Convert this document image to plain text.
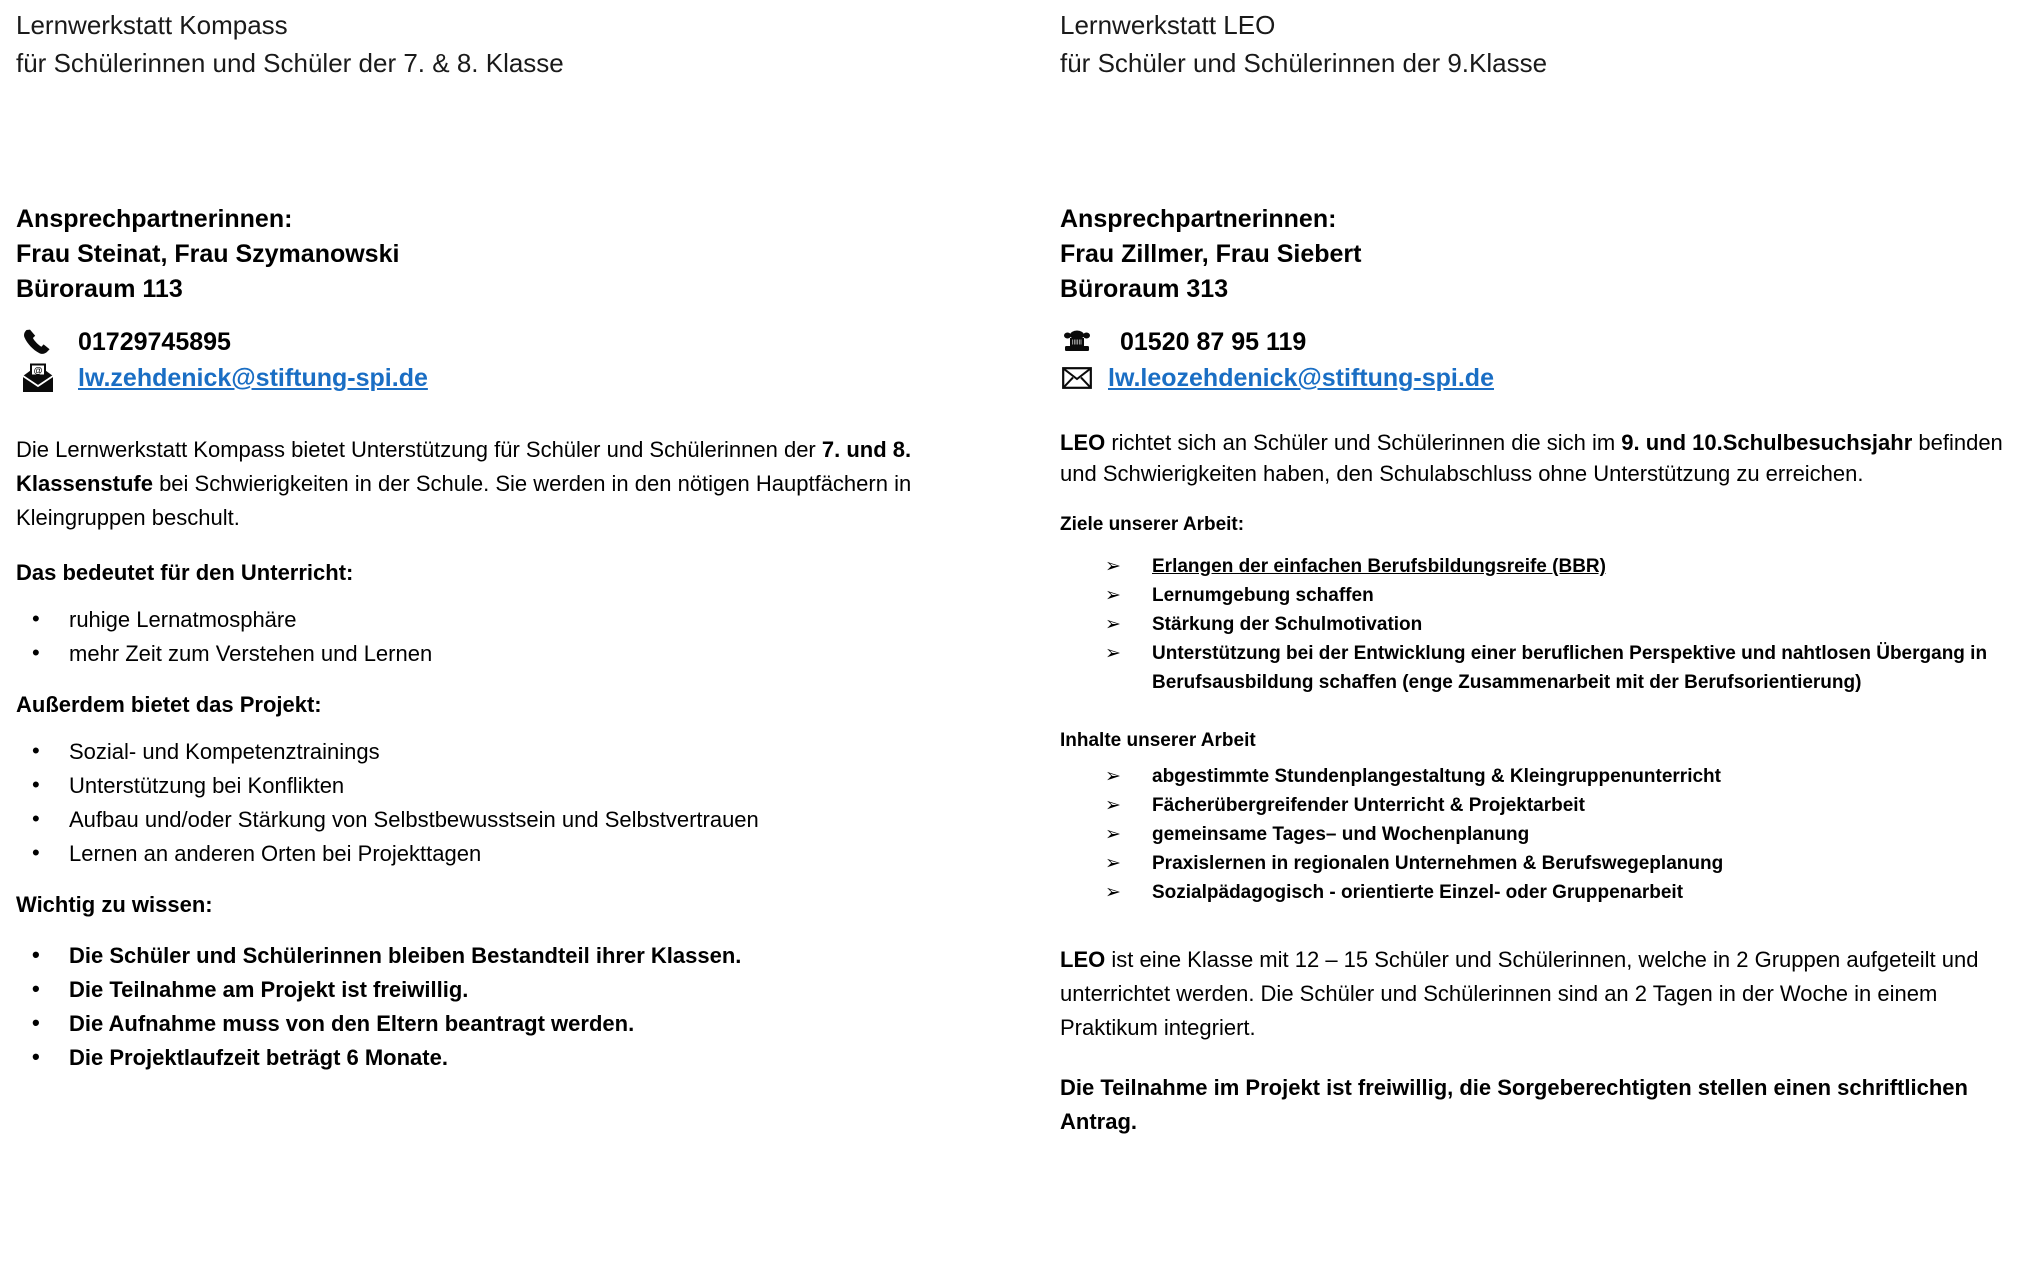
Lernwerkstatt Kompass
für Schülerinnen und Schüler der 7. & 8. Klasse
Ansprechpartnerinnen:
Frau Steinat, Frau Szymanowski
Büroraum 113
01729745895
@ lw.zehdenick@stiftung-spi.de
Die Lernwerkstatt Kompass bietet Unterstützung für Schüler und Schülerinnen der 7. und 8. Klassenstufe bei Schwierigkeiten in der Schule. Sie werden in den nötigen Hauptfächern in Kleingruppen beschult.
Das bedeutet für den Unterricht:
• ruhige Lernatmosphäre
• mehr Zeit zum Verstehen und Lernen
Außerdem bietet das Projekt:
• Sozial- und Kompetenztrainings
• Unterstützung bei Konflikten
• Aufbau und/oder Stärkung von Selbstbewusstsein und Selbstvertrauen
• Lernen an anderen Orten bei Projekttagen
Wichtig zu wissen:
• Die Schüler und Schülerinnen bleiben Bestandteil ihrer Klassen.
• Die Teilnahme am Projekt ist freiwillig.
• Die Aufnahme muss von den Eltern beantragt werden.
• Die Projektlaufzeit beträgt 6 Monate.
Lernwerkstatt LEO
für Schüler und Schülerinnen der 9.Klasse
Ansprechpartnerinnen:
Frau Zillmer, Frau Siebert
Büroraum 313
01520 87 95 119
lw.leozehdenick@stiftung-spi.de
LEO richtet sich an Schüler und Schülerinnen die sich im 9. und 10.Schulbesuchsjahr befinden und Schwierigkeiten haben, den Schulabschluss ohne Unterstützung zu erreichen.
Ziele unserer Arbeit:
➢ Erlangen der einfachen Berufsbildungsreife (BBR)
➢ Lernumgebung schaffen
➢ Stärkung der Schulmotivation
➢ Unterstützung bei der Entwicklung einer beruflichen Perspektive und nahtlosen Übergang in Berufsausbildung schaffen (enge Zusammenarbeit mit der Berufsorientierung)
Inhalte unserer Arbeit
➢ abgestimmte Stundenplangestaltung & Kleingruppenunterricht
➢ Fächerübergreifender Unterricht & Projektarbeit
➢ gemeinsame Tages– und Wochenplanung
➢ Praxislernen in regionalen Unternehmen & Berufswegeplanung
➢ Sozialpädagogisch - orientierte Einzel- oder Gruppenarbeit
LEO ist eine Klasse mit 12 – 15 Schüler und Schülerinnen, welche in 2 Gruppen aufgeteilt und unterrichtet werden. Die Schüler und Schülerinnen sind an 2 Tagen in der Woche in einem Praktikum integriert.
Die Teilnahme im Projekt ist freiwillig, die Sorgeberechtigten stellen einen schriftlichen Antrag.
